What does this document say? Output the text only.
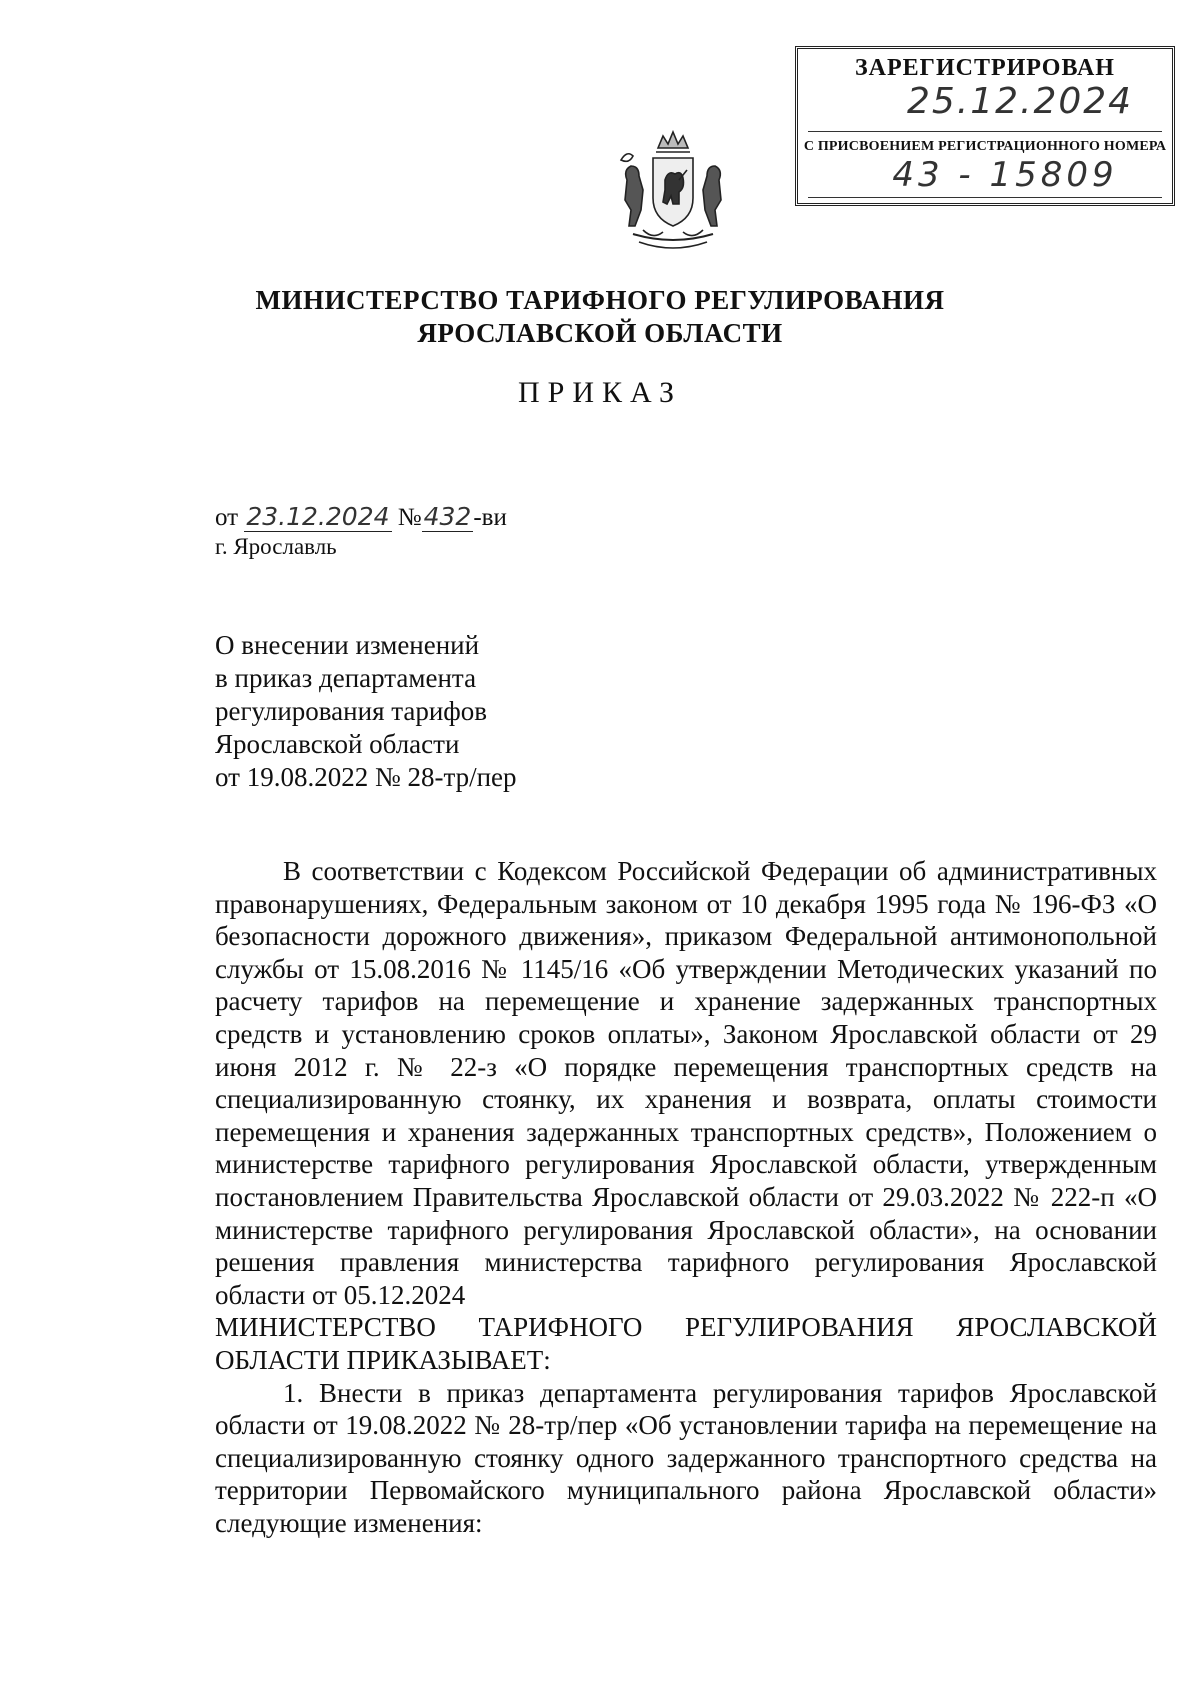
ЗАРЕГИСТРИРОВАН
25.12.2024
С ПРИСВОЕНИЕМ РЕГИСТРАЦИОННОГО НОМЕРА
43 - 15809
МИНИСТЕРСТВО ТАРИФНОГО РЕГУЛИРОВАНИЯ
ЯРОСЛАВСКОЙ ОБЛАСТИ
ПРИКАЗ
от 23.12.2024 №432-ви
г. Ярославль
О внесении изменений
в приказ департамента
регулирования тарифов
Ярославской области
от 19.08.2022 № 28-тр/пер

В соответствии с Кодексом Российской Федерации об административных правонарушениях, Федеральным законом от 10 декабря 1995 года № 196-ФЗ «О безопасности дорожного движения», приказом Федеральной антимонопольной службы от 15.08.2016 № 1145/16 «Об утверждении Методических указаний по расчету тарифов на перемещение и хранение задержанных транспортных средств и установлению сроков оплаты», Законом Ярославской области от 29 июня 2012 г. № 22-з «О порядке перемещения транспортных средств на специализированную стоянку, их хранения и возврата, оплаты стоимости перемещения и хранения задержанных транспортных средств», Положением о министерстве тарифного регулирования Ярославской области, утвержденным постановлением Правительства Ярославской области от 29.03.2022 № 222-п «О министерстве тарифного регулирования Ярославской области», на основании решения правления министерства тарифного регулирования Ярославской области от 05.12.2024

МИНИСТЕРСТВО ТАРИФНОГО РЕГУЛИРОВАНИЯ ЯРОСЛАВСКОЙ ОБЛАСТИ ПРИКАЗЫВАЕТ:

1. Внести в приказ департамента регулирования тарифов Ярославской области от 19.08.2022 № 28-тр/пер «Об установлении тарифа на перемещение на специализированную стоянку одного задержанного транспортного средства на территории Первомайского муниципального района Ярославской области» следующие изменения:
